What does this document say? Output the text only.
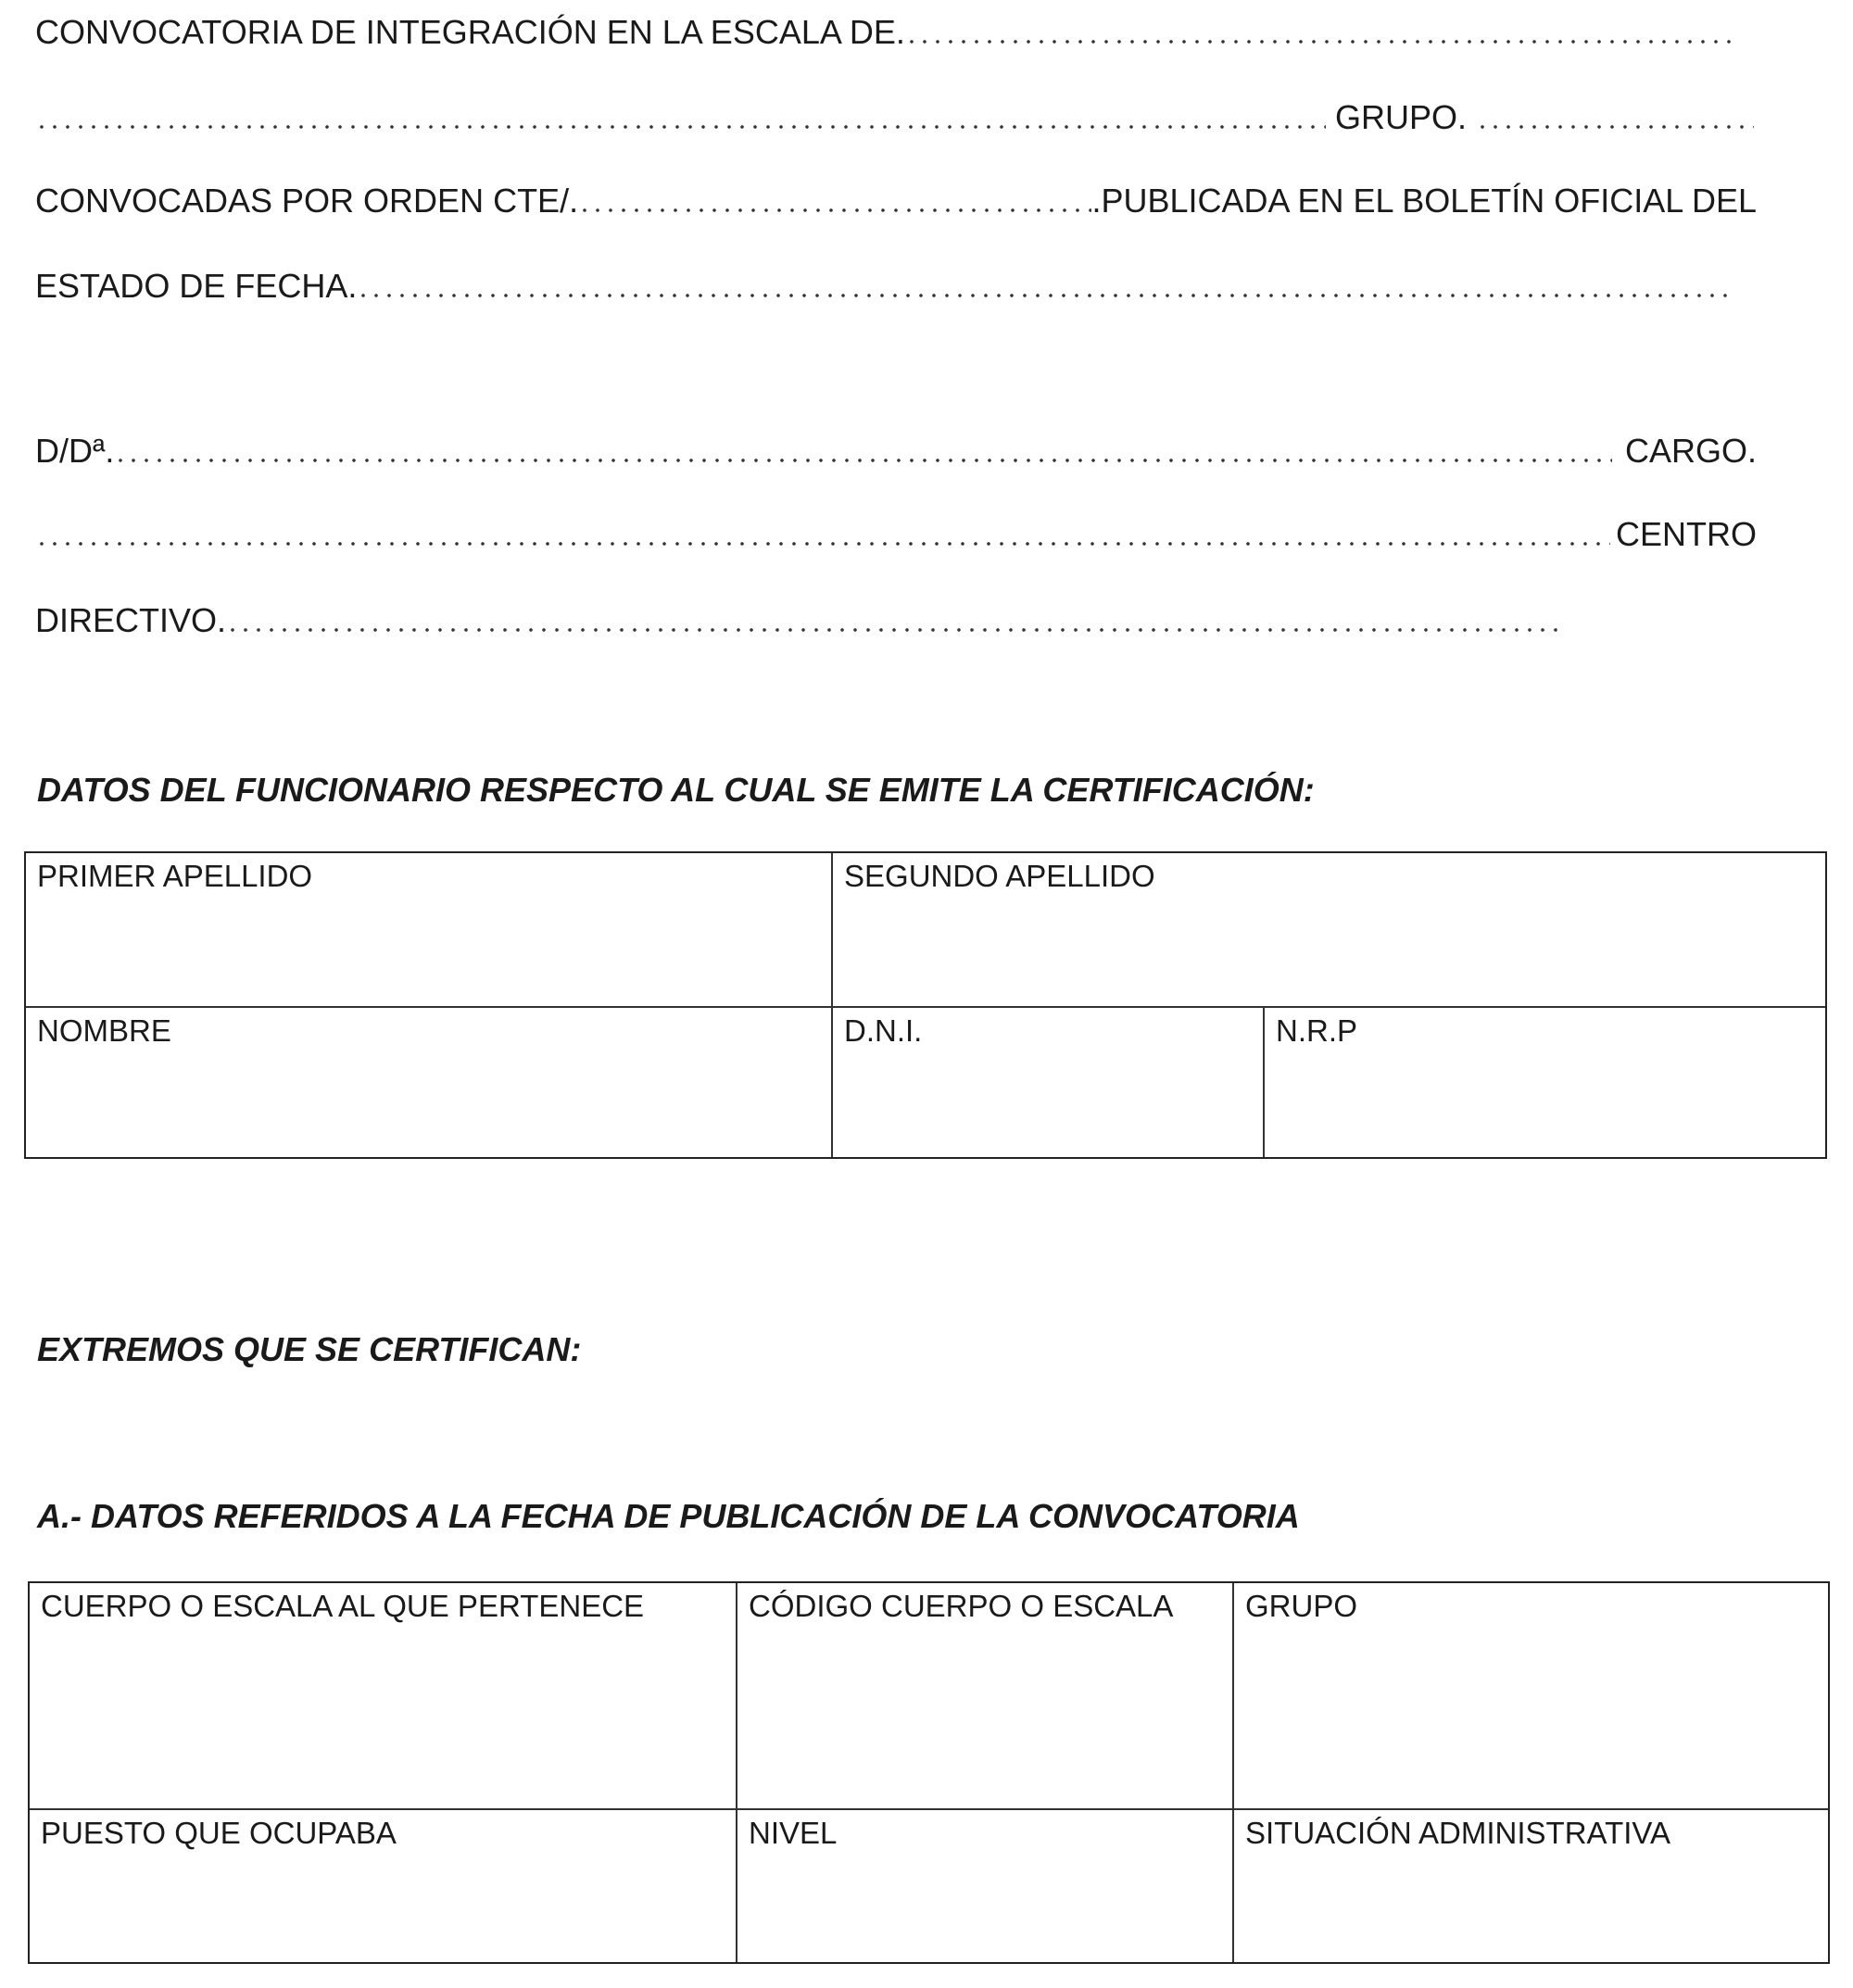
CONVOCATORIA DE INTEGRACIÓN EN LA ESCALA DE.
GRUPO.
CONVOCADAS POR ORDEN CTE/.	.PUBLICADA EN EL BOLETÍN OFICIAL DEL
ESTADO DE FECHA.
D/Dª.	CARGO.
CENTRO
DIRECTIVO.
DATOS DEL FUNCIONARIO RESPECTO AL CUAL SE EMITE LA CERTIFICACIÓN:
PRIMER APELLIDO	SEGUNDO APELLIDO
NOMBRE	D.N.I.	N.R.P
EXTREMOS QUE SE CERTIFICAN:
A.- DATOS REFERIDOS A LA FECHA DE PUBLICACIÓN DE LA CONVOCATORIA
CUERPO O ESCALA AL QUE PERTENECE	CÓDIGO CUERPO O ESCALA	GRUPO
PUESTO QUE OCUPABA	NIVEL	SITUACIÓN ADMINISTRATIVA
